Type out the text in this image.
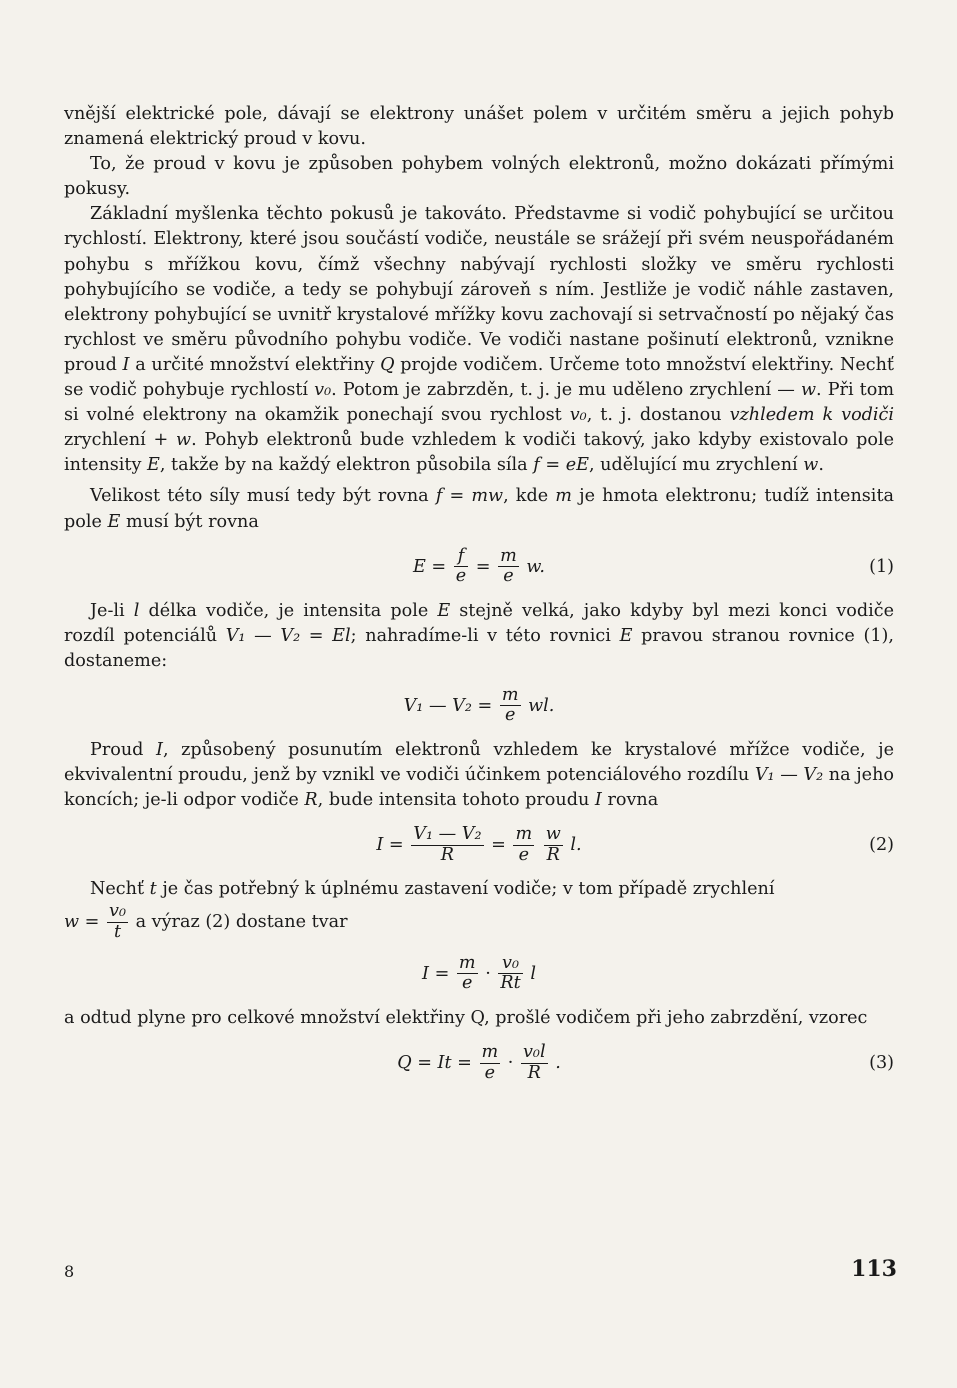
vnější elektrické pole, dávají se elektrony unášet polem v určitém směru a jejich pohyb znamená elektrický proud v kovu.

To, že proud v kovu je způsoben pohybem volných elektronů, možno dokázati přímými pokusy.

Základní myšlenka těchto pokusů je takováto. Představme si vodič pohybující se určitou rychlostí. Elektrony, které jsou součástí vodiče, neustále se srážejí při svém neuspořádaném pohybu s mřížkou kovu, čímž všechny nabývají rychlosti složky ve směru rychlosti pohybujícího se vodiče, a tedy se pohybují zároveň s ním. Jestliže je vodič náhle zastaven, elektrony pohybující se uvnitř krystalové mřížky kovu zachovají si setrvačností po nějaký čas rychlost ve směru původního pohybu vodiče. Ve vodiči nastane pošinutí elektronů, vznikne proud I a určité množství elektřiny Q projde vodičem. Určeme toto množství elektřiny. Nechť se vodič pohybuje rychlostí v₀. Potom je zabrzděn, t. j. je mu uděleno zrychlení — w. Při tom si volné elektrony na okamžik ponechají svou rychlost v₀, t. j. dostanou vzhledem k vodiči zrychlení + w. Pohyb elektronů bude vzhledem k vodiči takový, jako kdyby existovalo pole intensity E, takže by na každý elektron působila síla f = eE, udělující mu zrychlení w.

Velikost této síly musí tedy být rovna f = mw, kde m je hmota elektronu; tudíž intensita pole E musí být rovna

$E = \frac{f}{e} = \frac{m}{e} w$.	(1)

Je-li l délka vodiče, je intensita pole E stejně velká, jako kdyby byl mezi konci vodiče rozdíl potenciálů V₁ — V₂ = El; nahradíme-li v této rovnici E pravou stranou rovnice (1), dostaneme:

V₁ — $V_2 = \frac{m}{e}$ wl.

Proud I, způsobený posunutím elektronů vzhledem ke krystalové mřížce vodiče, je ekvivalentní proudu, jenž by vznikl ve vodiči účinkem potenciálového rozdílu V₁ — V₂ na jeho koncích; je-li odpor vodiče R, bude intensita tohoto proudu I rovna

$I = \frac{\text{V₁ — V₂}}{R} = \frac{m}{e}$
$\frac{w}{R} l$.	(2)

Nechť t je čas potřebný k úplnému zastavení vodiče; v tom případě zrychlení

$w = \frac{\text{v₀}}{t}$ a výraz (2) dostane tvar

$I = \frac{m}{e} \cdot \frac{\text{v₀}}{Rt}$ l

a odtud plyne pro celkové množství elektřiny Q, prošlé vodičem při jeho zabrzdění, vzorec

$Q = It = \frac{m}{e} \cdot \frac{\text{v₀l}}{R}$ .	(3)
8	113
